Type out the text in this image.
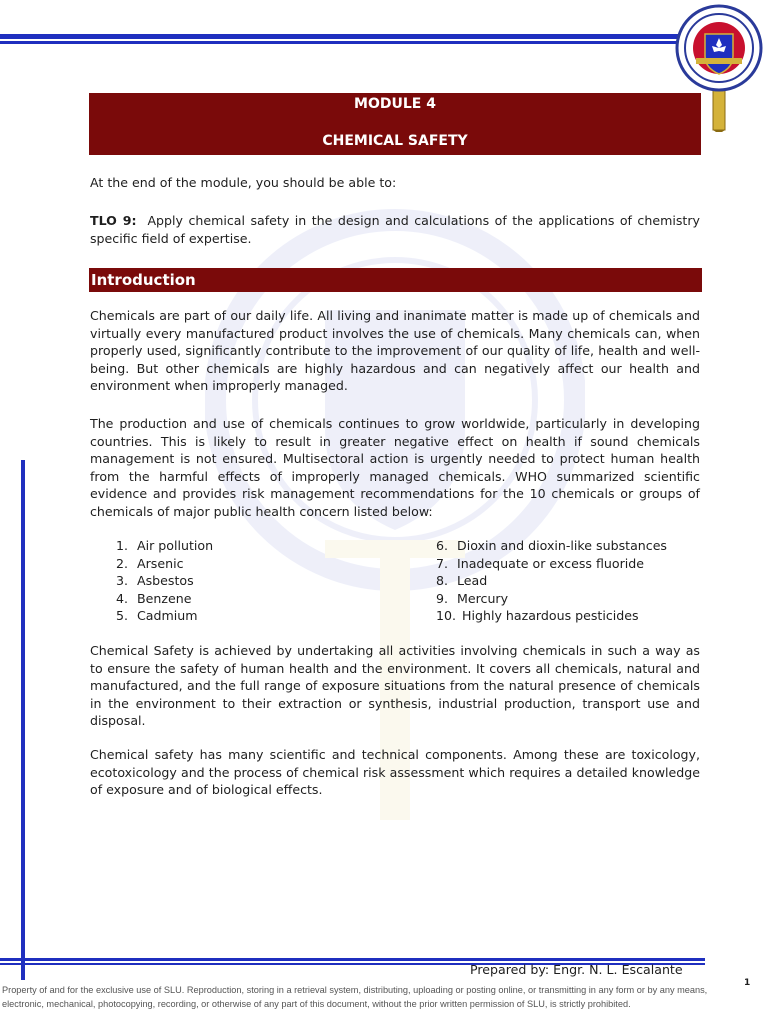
MODULE 4
CHEMICAL SAFETY
At the end of the module, you should be able to:
TLO 9: Apply chemical safety in the design and calculations of the applications of chemistry specific field of expertise.
Introduction
Chemicals are part of our daily life. All living and inanimate matter is made up of chemicals and virtually every manufactured product involves the use of chemicals. Many chemicals can, when properly used, significantly contribute to the improvement of our quality of life, health and well-being. But other chemicals are highly hazardous and can negatively affect our health and environment when improperly managed.
The production and use of chemicals continues to grow worldwide, particularly in developing countries. This is likely to result in greater negative effect on health if sound chemicals management is not ensured. Multisectoral action is urgently needed to protect human health from the harmful effects of improperly managed chemicals. WHO summarized scientific evidence and provides risk management recommendations for the 10 chemicals or groups of chemicals of major public health concern listed below:
1. Air pollution
2. Arsenic
3. Asbestos
4. Benzene
5. Cadmium
6. Dioxin and dioxin-like substances
7. Inadequate or excess fluoride
8. Lead
9. Mercury
10. Highly hazardous pesticides
Chemical Safety is achieved by undertaking all activities involving chemicals in such a way as to ensure the safety of human health and the environment. It covers all chemicals, natural and manufactured, and the full range of exposure situations from the natural presence of chemicals in the environment to their extraction or synthesis, industrial production, transport use and disposal.
Chemical safety has many scientific and technical components. Among these are toxicology, ecotoxicology and the process of chemical risk assessment which requires a detailed knowledge of exposure and of biological effects.
Prepared by: Engr. N. L. Escalante
1
Property of and for the exclusive use of SLU. Reproduction, storing in a retrieval system, distributing, uploading or posting online, or transmitting in any form or by any means, electronic, mechanical, photocopying, recording, or otherwise of any part of this document, without the prior written permission of SLU, is strictly prohibited.
